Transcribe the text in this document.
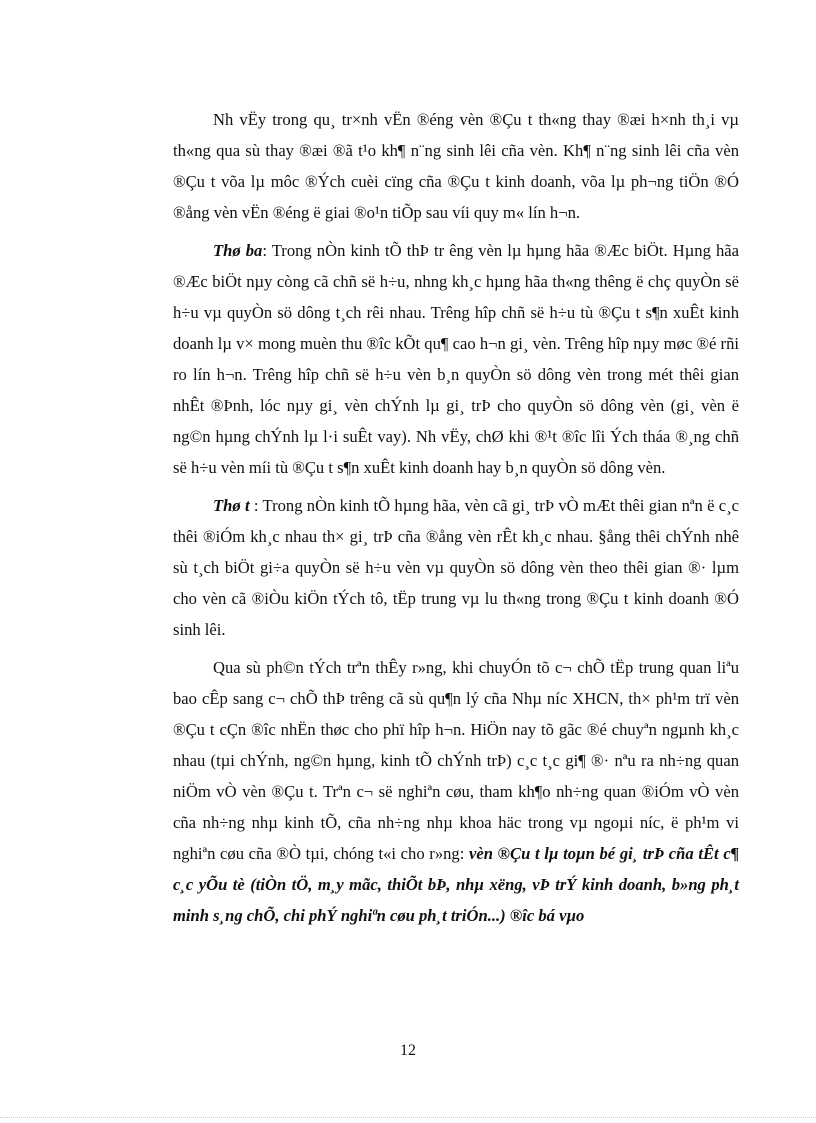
Nh vËy trong qu¸ tr×nh vËn ®éng vèn ®Çu t th«ng thay ®æi h×nh th¸i vµ th«ng qua sù thay ®æi ®ã t¹o kh¶ n¨ng sinh lêi cña vèn. Kh¶ n¨ng sinh lêi cña vèn ®Çu t võa lµ môc ®Ých cuèi cïng cña ®Çu t kinh doanh, võa lµ ph¬ng tiÖn ®Ó ®ång vèn vËn ®éng ë giai ®o¹n tiÕp sau víi quy m« lín h¬n.

Thø ba: Trong nÒn kinh tÕ thÞ tr êng vèn lµ hµng hãa ®Æc biÖt. Hµng hãa ®Æc biÖt nµy còng cã chñ së h÷u, nhng kh¸c hµng hãa th«ng thêng ë chç quyÒn së h÷u vµ quyÒn sö dông t¸ch rêi nhau. Trêng hîp chñ së h÷u tù ®Çu t s¶n xuÊt kinh doanh lµ v× mong muèn thu ®îc kÕt qu¶ cao h¬n gi¸ vèn. Trêng hîp nµy møc ®é rñi ro lín h¬n. Trêng hîp chñ së h÷u vèn b¸n quyÒn sö dông vèn trong mét thêi gian nhÊt ®Þnh, lóc nµy gi¸ vèn chÝnh lµ gi¸ trÞ cho quyÒn sö dông vèn (gi¸ vèn ë ng©n hµng chÝnh lµ l·i suÊt vay). Nh vËy, chØ khi ®¹t ®îc lîi Ých tháa ®¸ng chñ së h÷u vèn míi tù ®Çu t s¶n xuÊt kinh doanh hay b¸n quyÒn sö dông vèn.

Thø t : Trong nÒn kinh tÕ hµng hãa, vèn cã gi¸ trÞ vÒ mÆt thêi gian nªn ë c¸c thêi ®iÓm kh¸c nhau th× gi¸ trÞ cña ®ång vèn rÊt kh¸c nhau. §ång thêi chÝnh nhê sù t¸ch biÖt gi÷a quyÒn së h÷u vèn vµ quyÒn sö dông vèn theo thêi gian ®· lµm cho vèn cã ®iÒu kiÖn tÝch tô, tËp trung vµ lu th«ng trong ®Çu t kinh doanh ®Ó sinh lêi.

Qua sù ph©n tÝch trªn thÊy r»ng, khi chuyÓn tõ c¬ chÕ tËp trung quan liªu bao cÊp sang c¬ chÕ thÞ trêng cã sù qu¶n lý cña Nhµ níc XHCN, th× ph¹m trï vèn ®Çu t cÇn ®îc nhËn thøc cho phï hîp h¬n. HiÖn nay tõ gãc ®é chuyªn ngµnh kh¸c nhau (tµi chÝnh, ng©n hµng, kinh tÕ chÝnh trÞ) c¸c t¸c gi¶ ®· nªu ra nh÷ng quan niÖm vÒ vèn ®Çu t. Trªn c¬ së nghiªn cøu, tham kh¶o nh÷ng quan ®iÓm vÒ vèn cña nh÷ng nhµ kinh tÕ, cña nh÷ng nhµ khoa häc trong vµ ngoµi níc, ë ph¹m vi nghiªn cøu cña ®Ò tµi, chóng t«i cho r»ng: vèn ®Çu t lµ toµn bé gi¸ trÞ cña tÊt c¶ c¸c yÕu tè (tiÒn tÖ, m¸y mãc, thiÕt bÞ, nhµ xëng, vÞ trÝ kinh doanh, b»ng ph¸t minh s¸ng chÕ, chi phÝ nghiªn cøu ph¸t triÓn...) ®îc bá vµo

12
